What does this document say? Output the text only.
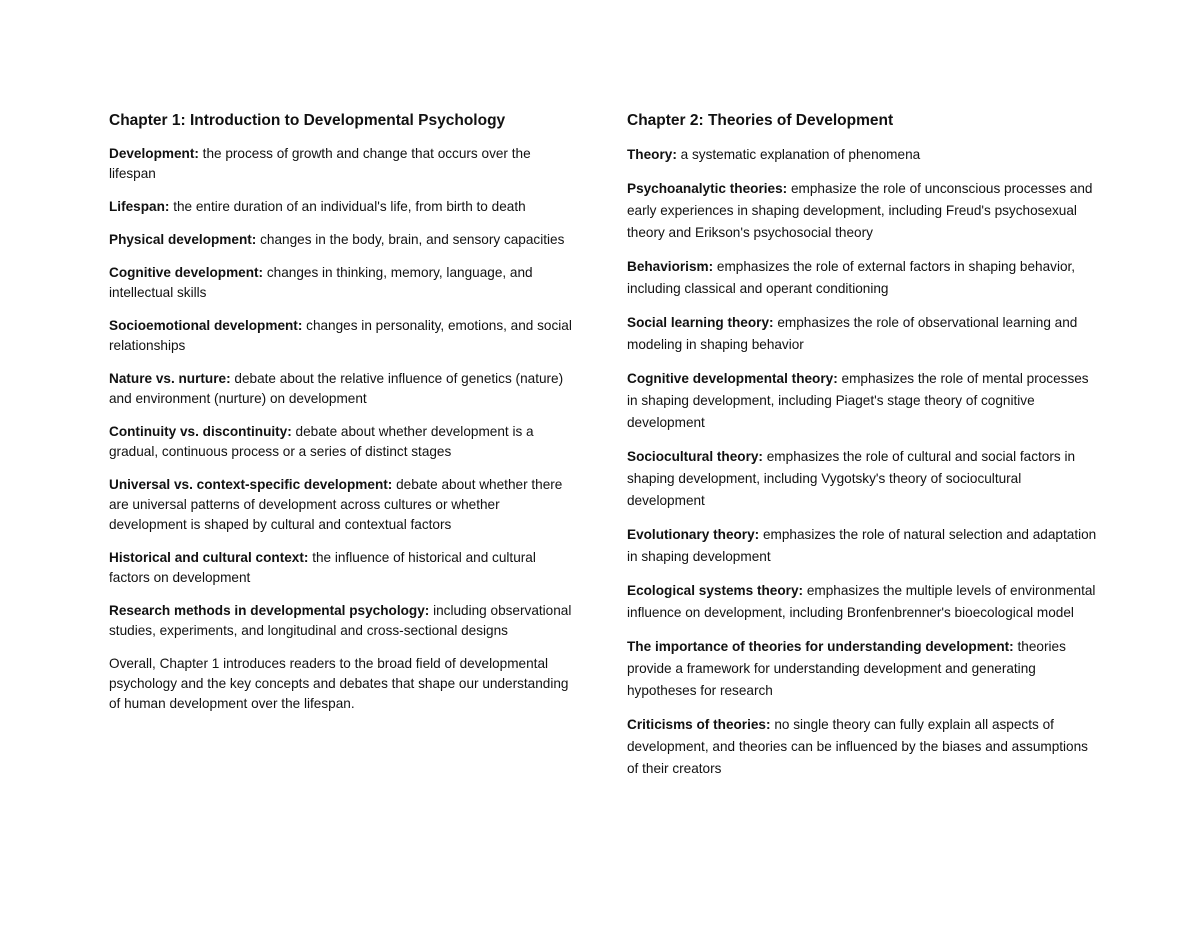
Chapter 1: Introduction to Developmental Psychology
Development: the process of growth and change that occurs over the lifespan
Lifespan: the entire duration of an individual's life, from birth to death
Physical development: changes in the body, brain, and sensory capacities
Cognitive development: changes in thinking, memory, language, and intellectual skills
Socioemotional development: changes in personality, emotions, and social relationships
Nature vs. nurture: debate about the relative influence of genetics (nature) and environment (nurture) on development
Continuity vs. discontinuity: debate about whether development is a gradual, continuous process or a series of distinct stages
Universal vs. context-specific development: debate about whether there are universal patterns of development across cultures or whether development is shaped by cultural and contextual factors
Historical and cultural context: the influence of historical and cultural factors on development
Research methods in developmental psychology: including observational studies, experiments, and longitudinal and cross-sectional designs
Overall, Chapter 1 introduces readers to the broad field of developmental psychology and the key concepts and debates that shape our understanding of human development over the lifespan.
Chapter 2: Theories of Development
Theory: a systematic explanation of phenomena
Psychoanalytic theories: emphasize the role of unconscious processes and early experiences in shaping development, including Freud's psychosexual theory and Erikson's psychosocial theory
Behaviorism: emphasizes the role of external factors in shaping behavior, including classical and operant conditioning
Social learning theory: emphasizes the role of observational learning and modeling in shaping behavior
Cognitive developmental theory: emphasizes the role of mental processes in shaping development, including Piaget's stage theory of cognitive development
Sociocultural theory: emphasizes the role of cultural and social factors in shaping development, including Vygotsky's theory of sociocultural development
Evolutionary theory: emphasizes the role of natural selection and adaptation in shaping development
Ecological systems theory: emphasizes the multiple levels of environmental influence on development, including Bronfenbrenner's bioecological model
The importance of theories for understanding development: theories provide a framework for understanding development and generating hypotheses for research
Criticisms of theories: no single theory can fully explain all aspects of development, and theories can be influenced by the biases and assumptions of their creators
